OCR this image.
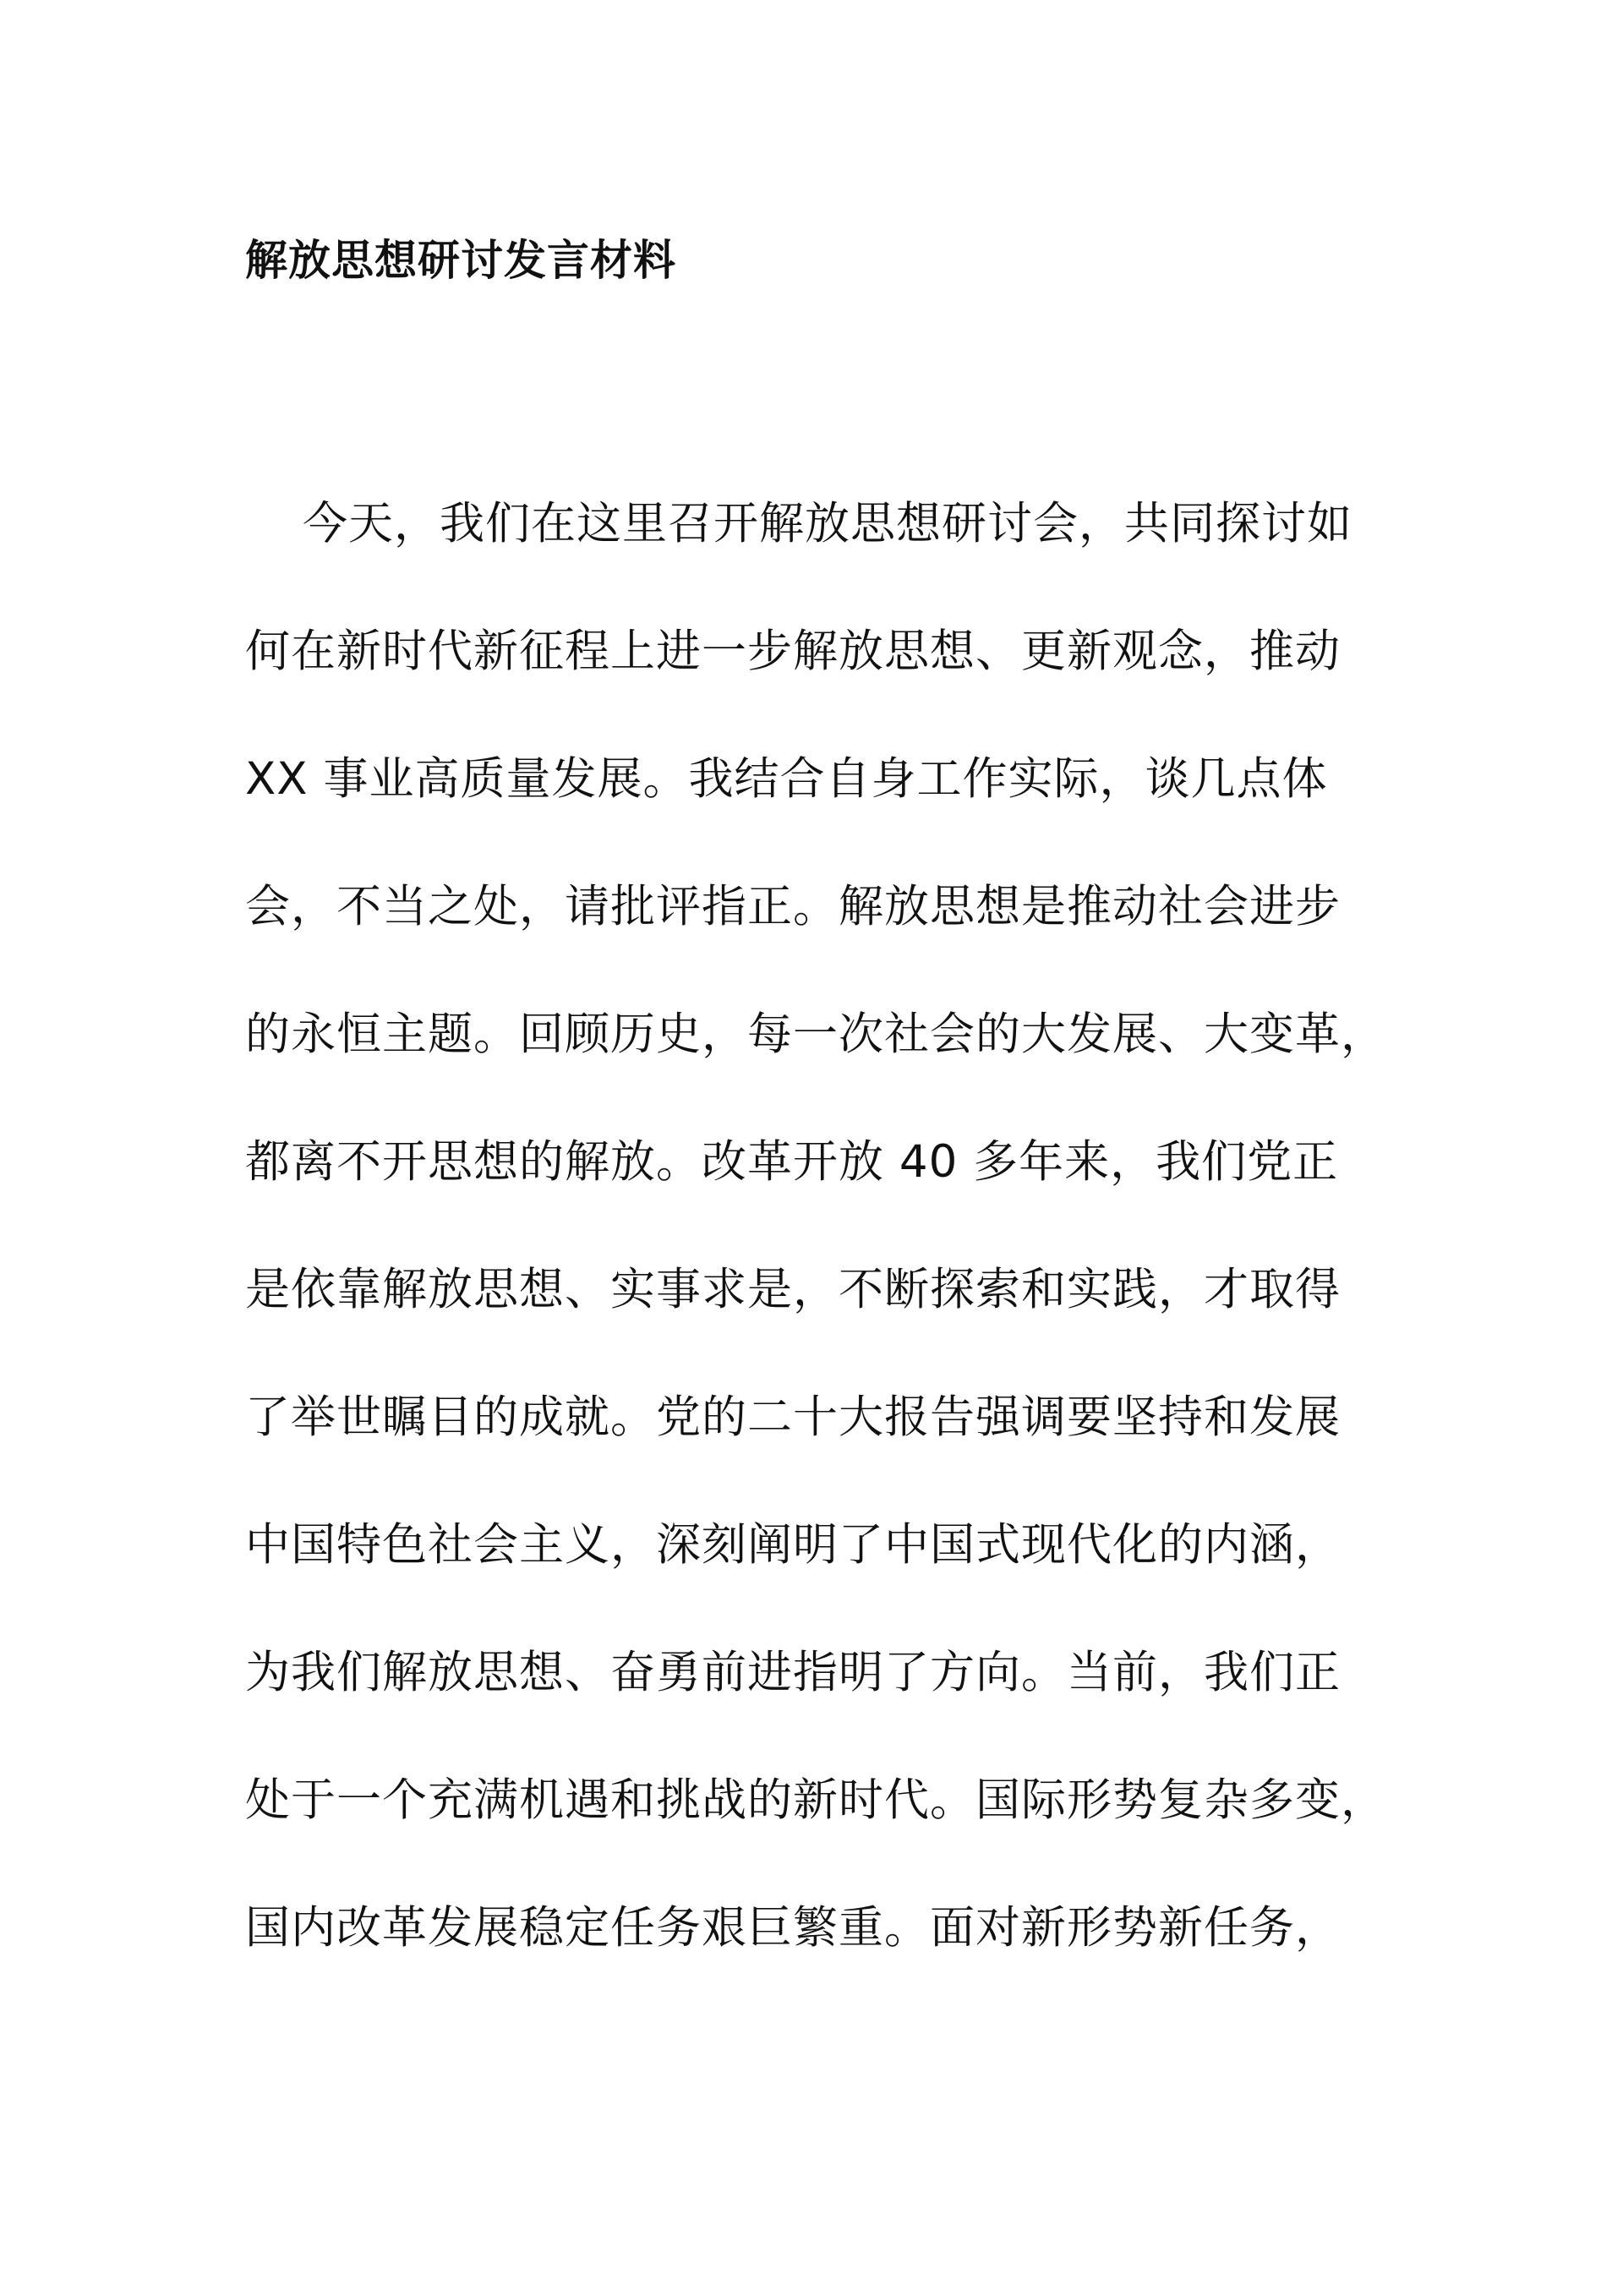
解放思想研讨发言材料
今天，我们在这里召开解放思想研讨会，共同探讨如
何在新时代新征程上进一步解放思想、更新观念，推动
XX 事业高质量发展。我结合自身工作实际，谈几点体
会，不当之处，请批评指正。解放思想是推动社会进步
的永恒主题。回顾历史，每一次社会的大发展、大变革，
都离不开思想的解放。改革开放 40 多年来，我们党正
是依靠解放思想、实事求是，不断探索和实践，才取得
了举世瞩目的成就。党的二十大报告强调要坚持和发展
中国特色社会主义，深刻阐明了中国式现代化的内涵，
为我们解放思想、奋勇前进指明了方向。当前，我们正
处于一个充满机遇和挑战的新时代。国际形势复杂多变，
国内改革发展稳定任务艰巨繁重。面对新形势新任务，
